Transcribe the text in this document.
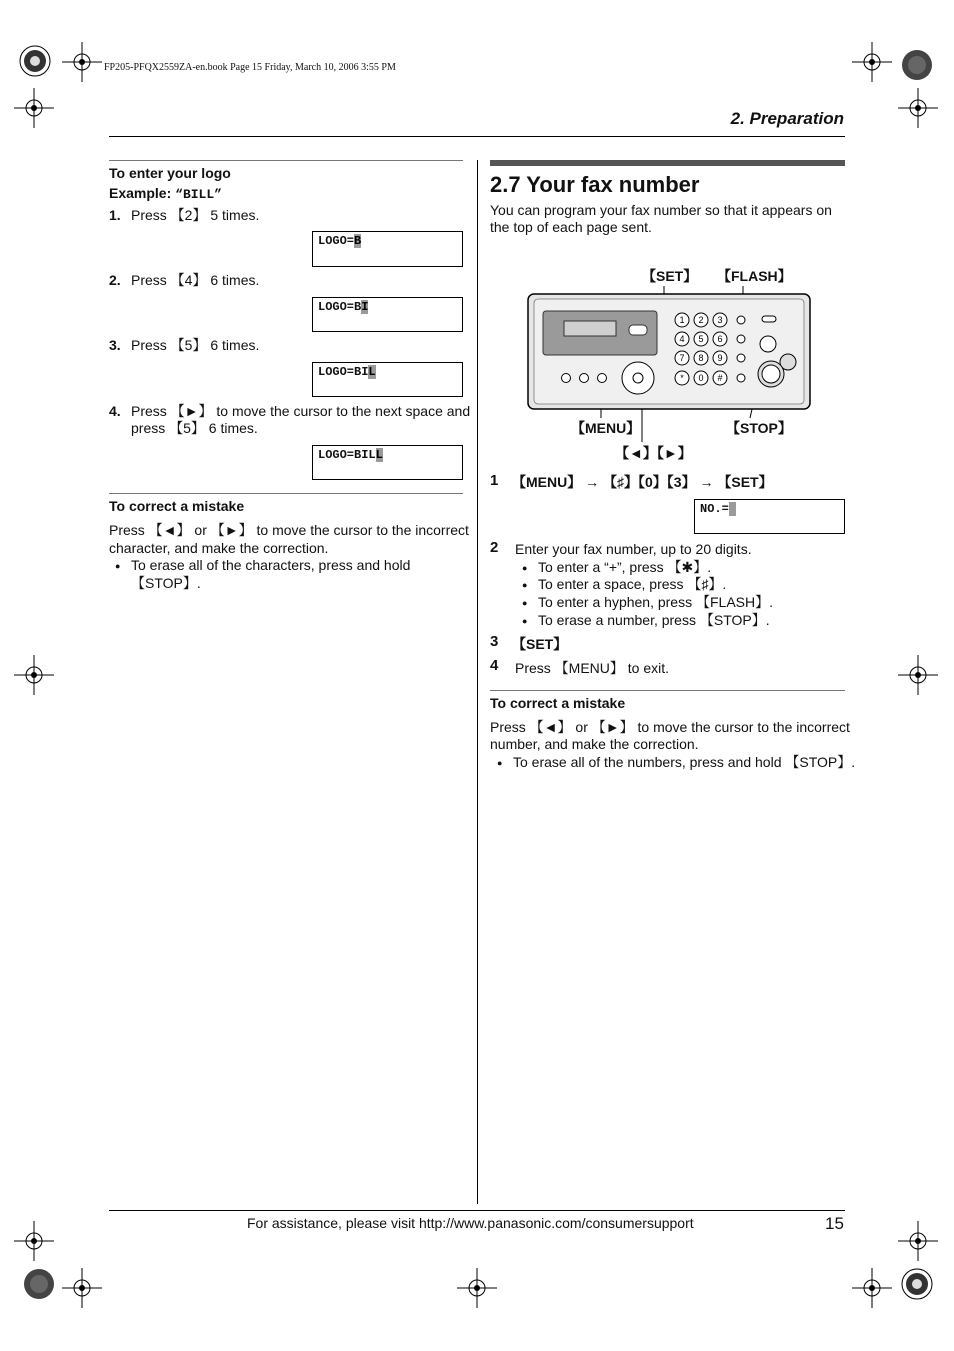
FP205-PFQX2559ZA-en.book Page 15 Friday, March 10, 2006 3:55 PM
2. Preparation
To enter your logo
Example: “BILL”
1. Press 【2】 5 times.
LOGO=B
2. Press 【4】 6 times.
LOGO=BI
3. Press 【5】 6 times.
LOGO=BIL
4. Press 【►】 to move the cursor to the next space and
press 【5】 6 times.
LOGO=BILL
To correct a mistake
Press 【◄】 or 【►】 to move the cursor to the incorrect
character, and make the correction.
● To erase all of the characters, press and hold
【STOP】.
2.7 Your fax number
You can program your fax number so that it appears on
the top of each page sent.
【SET】 【FLASH】
【MENU】	【STOP】
【◄】【►】
1 2 3
4 5 6
7 8 9
* 0 #
1 【MENU】 → 【♯】【0】【3】 → 【SET】
NO.=
2 Enter your fax number, up to 20 digits.
● To enter a “+”, press 【✱】.
● To enter a space, press 【♯】.
● To enter a hyphen, press 【FLASH】.
● To erase a number, press 【STOP】.
3 【SET】
4 Press 【MENU】 to exit.
To correct a mistake
Press 【◄】 or 【►】 to move the cursor to the incorrect
number, and make the correction.
● To erase all of the numbers, press and hold 【STOP】.
For assistance, please visit http://www.panasonic.com/consumersupport	15
